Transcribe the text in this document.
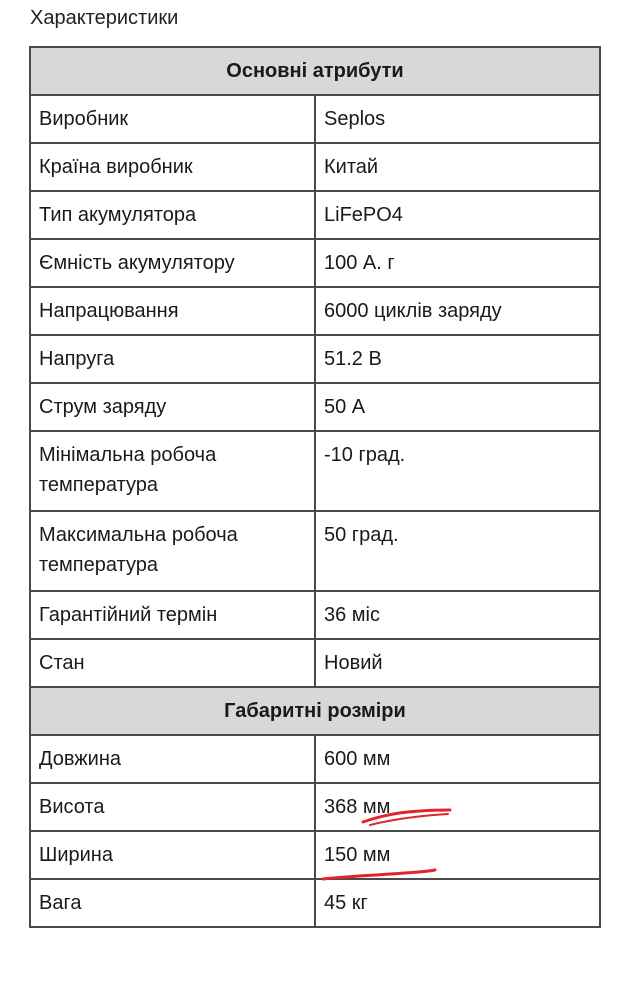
Характеристики
Основні атрибути	
Виробник	Seplos
Країна виробник	Китай
Тип акумулятора	LiFePO4
Ємність акумулятору	100 А. г
Напрацювання	6000 циклів заряду
Напруга	51.2 В
Струм заряду	50 А
Мінімальна робоча температура	-10 град.
Максимальна робоча температура	50 град.
Гарантійний термін	36 міс
Стан	Новий
Габаритні розміри	
Довжина	600 мм
Висота	368 мм
Ширина	150 мм
Вага	45 кг
